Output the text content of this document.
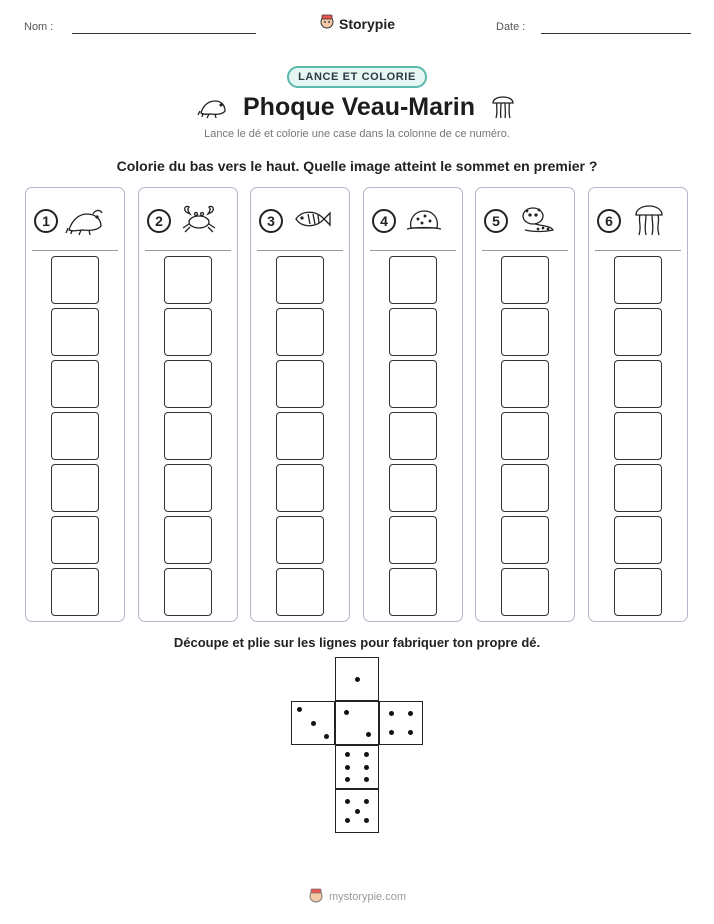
Nom :	Date :
Storypie
LANCE ET COLORIE
Phoque Veau-Marin
Lance le dé et colorie une case dans la colonne de ce numéro.
Colorie du bas vers le haut. Quelle image atteint le sommet en premier ?
1	2	3	4	5	6
Découpe et plie sur les lignes pour fabriquer ton propre dé.
mystorypie.com
